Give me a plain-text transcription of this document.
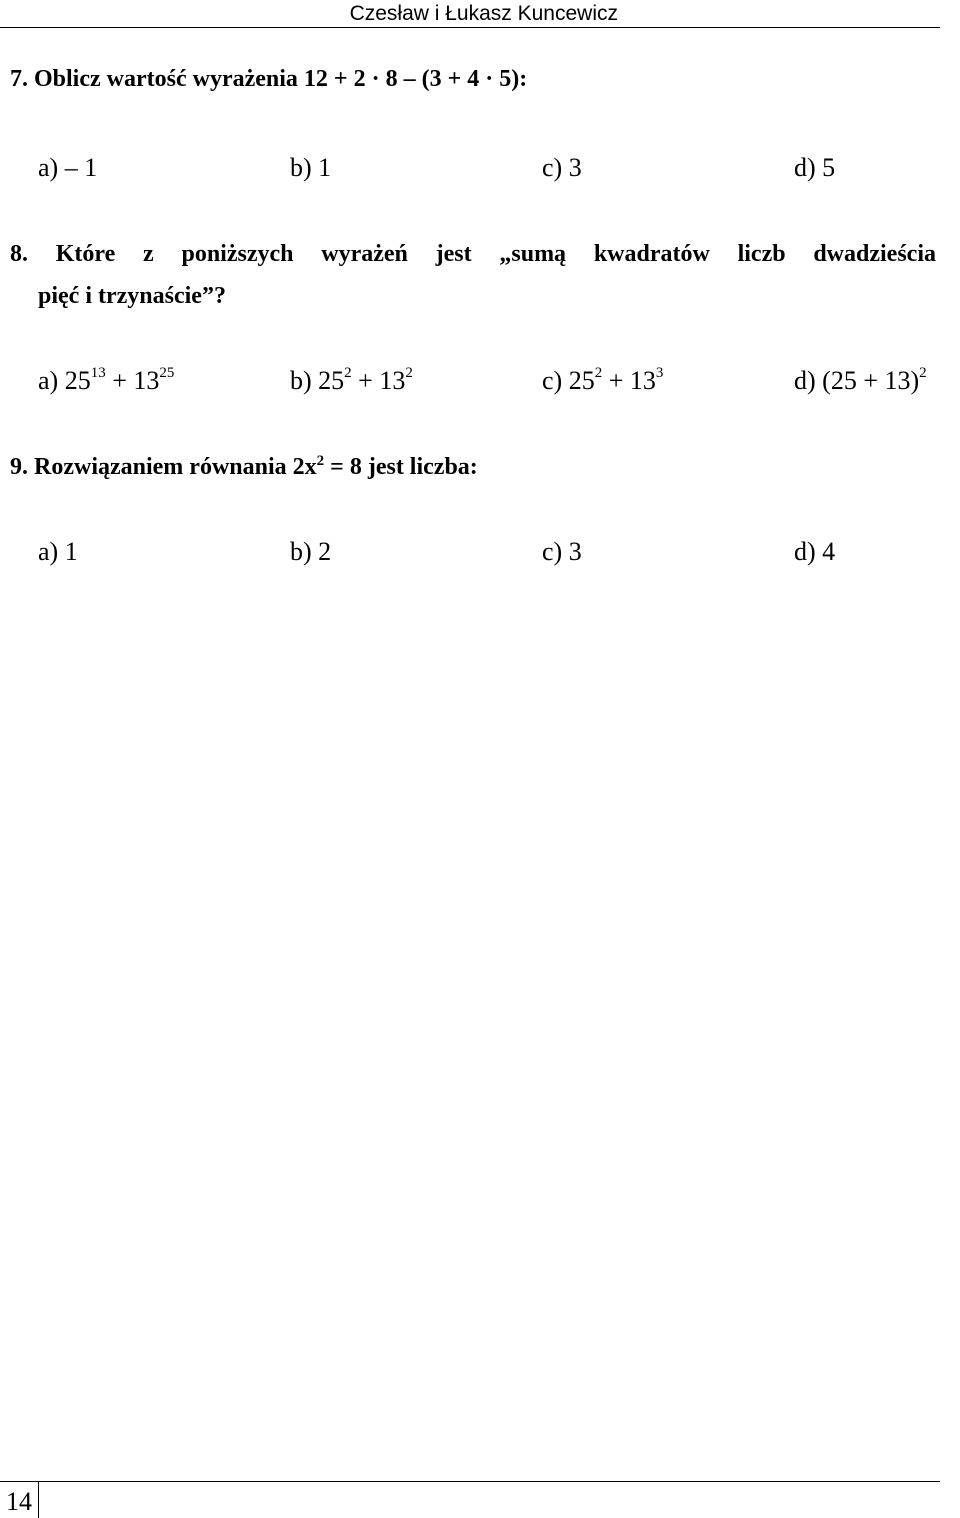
Czesław i Łukasz Kuncewicz
7. Oblicz wartość wyrażenia 12 + 2 · 8 – (3 + 4 · 5):
a) – 1	b) 1	c) 3	d) 5
8. Które z poniższych wyrażeń jest „sumą kwadratów liczb dwadzieścia
pięć i trzynaście”?
a) $25^{13} + 13^{25}$	b) $25^2 + 13^2$	c) $25^2 + 13^3$	d) $(25 + 13)^2$
9. Rozwiązaniem równania $2x^2 = 8$ jest liczba:
a) 1	b) 2	c) 3	d) 4
14
